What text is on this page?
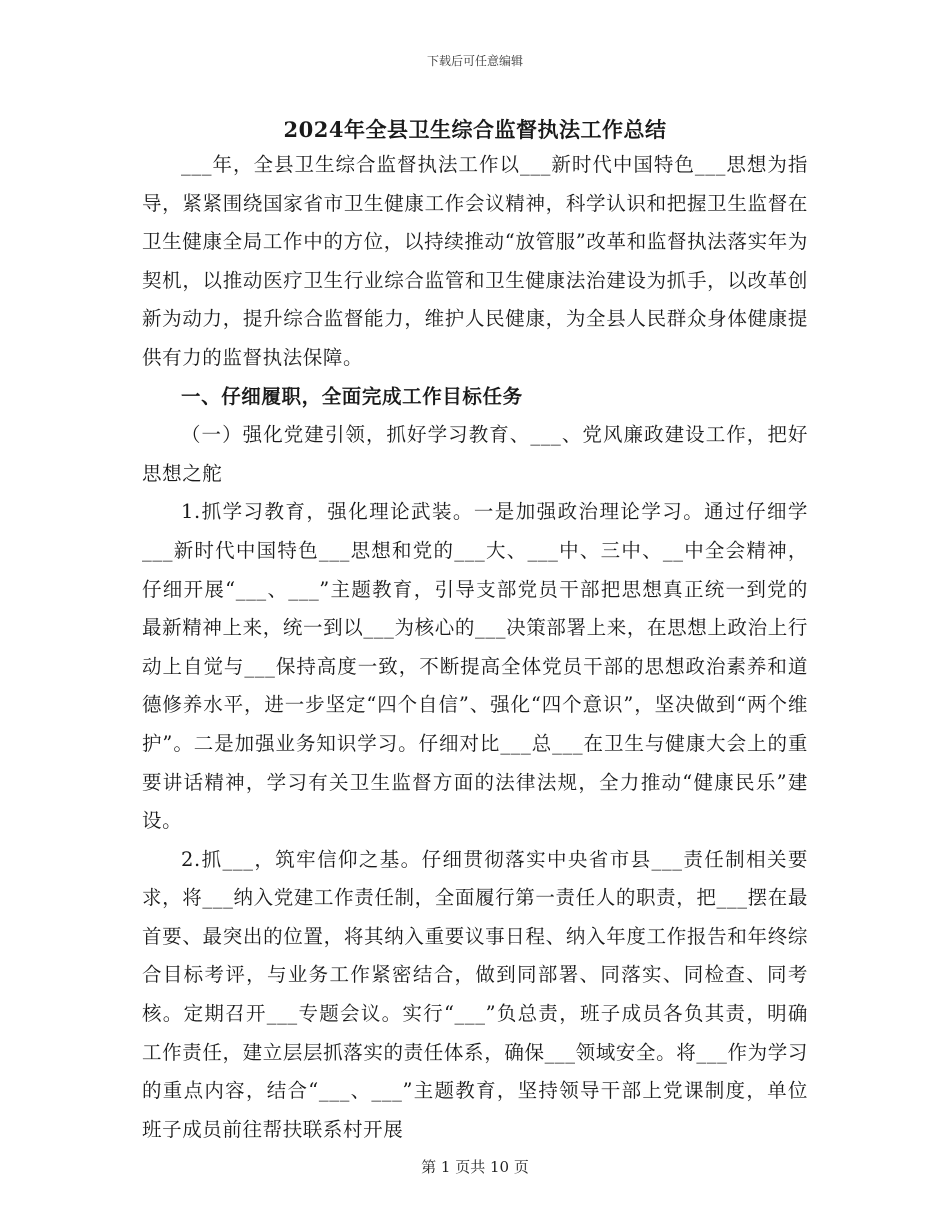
下载后可任意编辑
2024年全县卫生综合监督执法工作总结

___年，全县卫生综合监督执法工作以___新时代中国特色___思想为指导，紧紧围绕国家省市卫生健康工作会议精神，科学认识和把握卫生监督在卫生健康全局工作中的方位，以持续推动“放管服”改革和监督执法落实年为契机，以推动医疗卫生行业综合监管和卫生健康法治建设为抓手，以改革创新为动力，提升综合监督能力，维护人民健康，为全县人民群众身体健康提供有力的监督执法保障。

一、仔细履职，全面完成工作目标任务

（一）强化党建引领，抓好学习教育、___、党风廉政建设工作，把好思想之舵

1.抓学习教育，强化理论武装。一是加强政治理论学习。通过仔细学___新时代中国特色___思想和党的___大、___中、三中、__中全会精神，仔细开展“___、___”主题教育，引导支部党员干部把思想真正统一到党的最新精神上来，统一到以___为核心的___决策部署上来，在思想上政治上行动上自觉与___保持高度一致，不断提高全体党员干部的思想政治素养和道德修养水平，进一步坚定“四个自信”、强化“四个意识”，坚决做到“两个维护”。二是加强业务知识学习。仔细对比___总___在卫生与健康大会上的重要讲话精神，学习有关卫生监督方面的法律法规，全力推动“健康民乐”建设。

2.抓___，筑牢信仰之基。仔细贯彻落实中央省市县___责任制相关要求，将___纳入党建工作责任制，全面履行第一责任人的职责，把___摆在最首要、最突出的位置，将其纳入重要议事日程、纳入年度工作报告和年终综合目标考评，与业务工作紧密结合，做到同部署、同落实、同检查、同考核。定期召开___专题会议。实行“___”负总责，班子成员各负其责，明确工作责任，建立层层抓落实的责任体系，确保___领域安全。将___作为学习的重点内容，结合“___、___”主题教育，坚持领导干部上党课制度，单位班子成员前往帮扶联系村开展

第 1 页共 10 页
